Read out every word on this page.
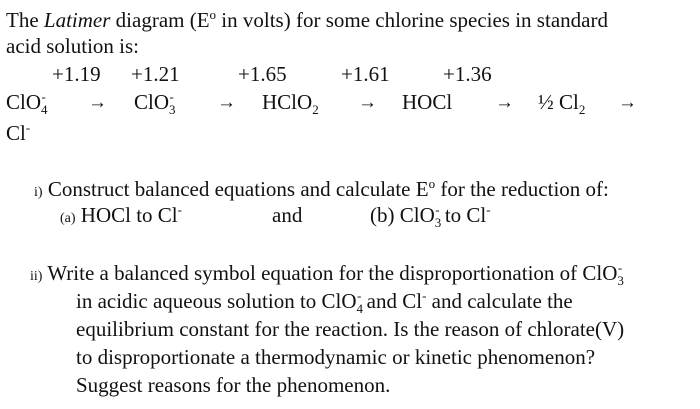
The Latimer diagram ($E^o$ in volts) for some chlorine species in standard
acid solution is:
+1.19 +1.21	+1.65	+1.61	+1.36
ClO$_4$- → ClO$_3$- → HClO$_2$ → HOCl → ½ $Cl_2$ →
Cl-
i) Construct balanced equations and calculate $E^o$ for the reduction of:
(a) HOCl to Cl-	and	(b) ClO$_3$- to Cl-
ii) Write a balanced symbol equation for the disproportionation of ClO$_3$-
in acidic aqueous solution to ClO$_4$- and Cl- and calculate the
equilibrium constant for the reaction. Is the reason of chlorate(V)
to disproportionate a thermodynamic or kinetic phenomenon?
Suggest reasons for the phenomenon.
